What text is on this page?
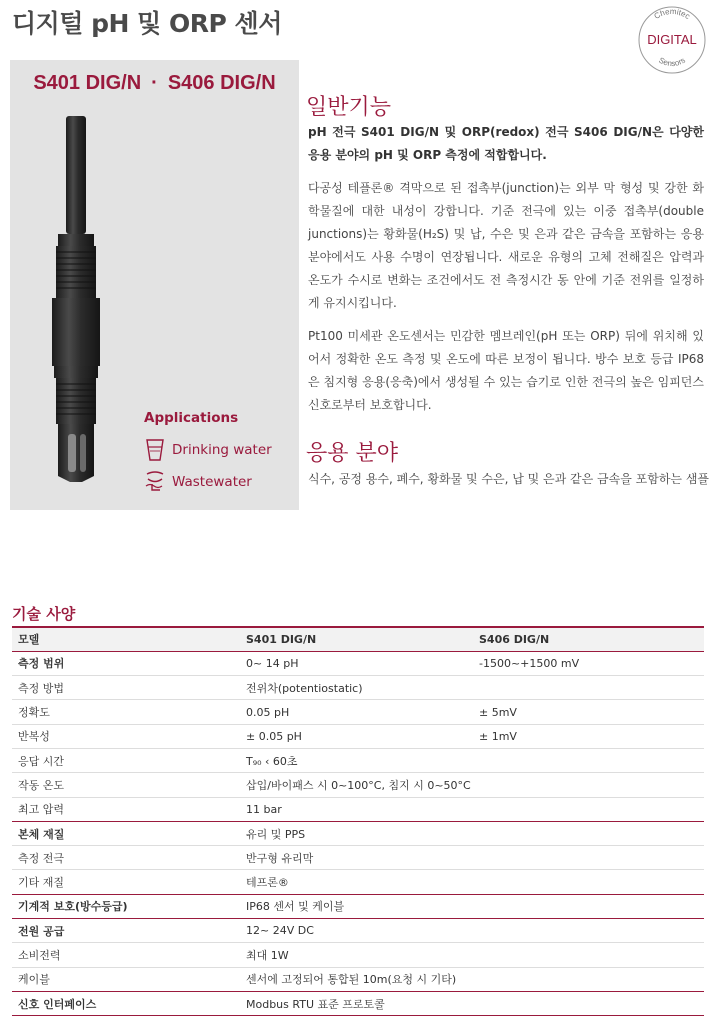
디지털 pH 및 ORP 센서	Chemitec
DIGITAL
Sensors
S401 DIG/N · S406 DIG/N
Applications
Drinking water
Wastewater
일반기능
pH 전극 S401 DIG/N 및 ORP(redox) 전극 S406 DIG/N은 다양한 응용 분야의 pH 및 ORP 측정에 적합합니다.
다공성 테플론® 격막으로 된 접촉부(junction)는 외부 막 형성 및 강한 화학물질에 대한 내성이 강합니다. 기준 전극에 있는 이중 접촉부(double junctions)는 황화물(H₂S) 및 납, 수은 및 은과 같은 금속을 포함하는 응용 분야에서도 사용 수명이 연장됩니다. 새로운 유형의 고체 전해질은 압력과 온도가 수시로 변화는 조건에서도 전 측정시간 동 안에 기준 전위를 일정하게 유지시킵니다.
Pt100 미세관 온도센서는 민감한 멤브레인(pH 또는 ORP) 뒤에 위치해 있어서 정확한 온도 측정 및 온도에 따른 보정이 됩니다. 방수 보호 등급 IP68은 침지형 응용(응축)에서 생성될 수 있는 습기로 인한 전극의 높은 임피던스 신호로부터 보호합니다.
응용 분야
식수, 공정 용수, 폐수, 황화물 및 수은, 납 및 은과 같은 금속을 포함하는 샘플
기술 사양
모델	S401 DIG/N	S406 DIG/N
측정 범위	0~ 14 pH	-1500~+1500 mV
측정 방법	전위차(potentiostatic)	
정확도	0.05 pH	± 5mV
반복성	± 0.05 pH	± 1mV
응답 시간	T₉₀ ‹ 60초	
작동 온도	삽입/바이패스 시 0~100°C, 침지 시 0~50°C	
최고 압력	11 bar	
본체 재질	유리 및 PPS	
측정 전극	반구형 유리막	
기타 재질	테프론®	
기계적 보호(방수등급)	IP68 센서 및 케이블	
전원 공급	12~ 24V DC	
소비전력	최대 1W	
케이블	센서에 고정되어 통합된 10m(요청 시 기타)	
신호 인터페이스	Modbus RTU 표준 프로토콜	
